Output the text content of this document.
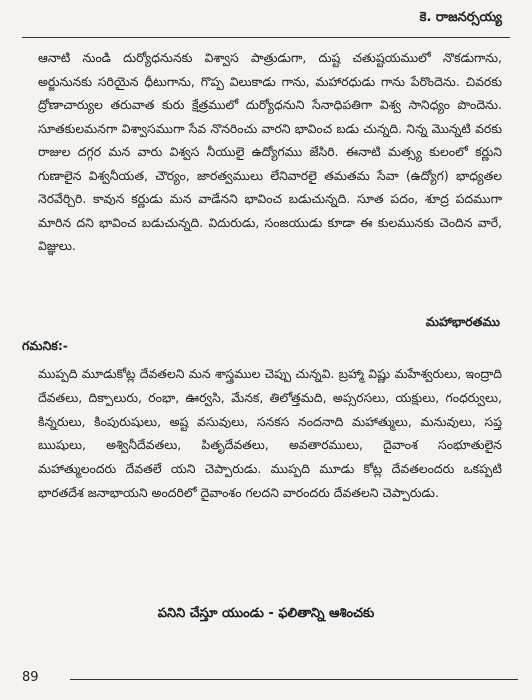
కె. రాజనర్సయ్య

ఆనాటి నుండి దుర్యోధనునకు విశ్వాస పాత్రుడుగా, దుష్ట చతుష్టయములో నొకడుగాను, అర్జునునకు సరియైన ధీటుగాను, గొప్ప విలుకాడు గాను, మహారధుడు గాను పేరొందెను. చివరకు ద్రోణాచార్యుల తరువాత కురు క్షేత్రములో దుర్యోధనుని సేనాధిపతిగా విశ్వ సానిధ్యం పొందెను. సూతకులమనగా విశ్వాసముగా సేవ నొనరించు వారని భావించ బడు చున్నది. నిన్న మొన్నటి వరకు రాజుల దగ్గర మన వారు విశ్వస నీయులై ఉద్యోగము జేసిరి. ఈనాటి మత్స్య కులంలో కర్ణుని గుణాలైన విశ్వనీయత, చౌర్యం, జారత్వములు లేనివారలై తమతమ సేవా (ఉద్యోగ) భాధ్యతల నెరవేర్చిరి. కావున కర్ణుడు మన వాడేనని భావించ బడుచున్నది. సూత పదం, శూద్ర పదముగా మారిన దని భావించ బడుచున్నది. విదురుడు, సంజయుడు కూడా ఈ కులమునకు చెందిన వారే, విజ్ఞులు.

మహాభారతము
గమనిక:-

ముప్పది మూడుకోట్ల దేవతలని మన శాస్త్రముల చెప్పు చున్నవి. బ్రహ్మా విష్ణు మహేశ్వరులు, ఇంద్రాది దేవతలు, దిక్పాలురు, రంభా, ఊర్వసి, మేనక, తిలోత్తమది, అప్సరసలు, యక్షులు, గంధర్వులు, కిన్నరులు, కింపురుషులు, అష్ట వసువులు, సనకస నందనాది మహాత్ములు, మనువులు, సప్త ఋషులు, అశ్వినీదేవతలు, పితృదేవతలు, అవతారములు, దైవాంశ సంభూతులైన మహాత్ములందరు దేవతలే యని చెప్పారుడు. ముప్పది మూడు కోట్ల దేవతలందరు ఒకప్పటి భారతదేశ జనాభాయని అందరిలో దైవాంశం గలదని వారందరు దేవతలని చెప్పారుడు.

పనిని చేస్తూ యుండు - ఫలితాన్ని ఆశించకు
89
